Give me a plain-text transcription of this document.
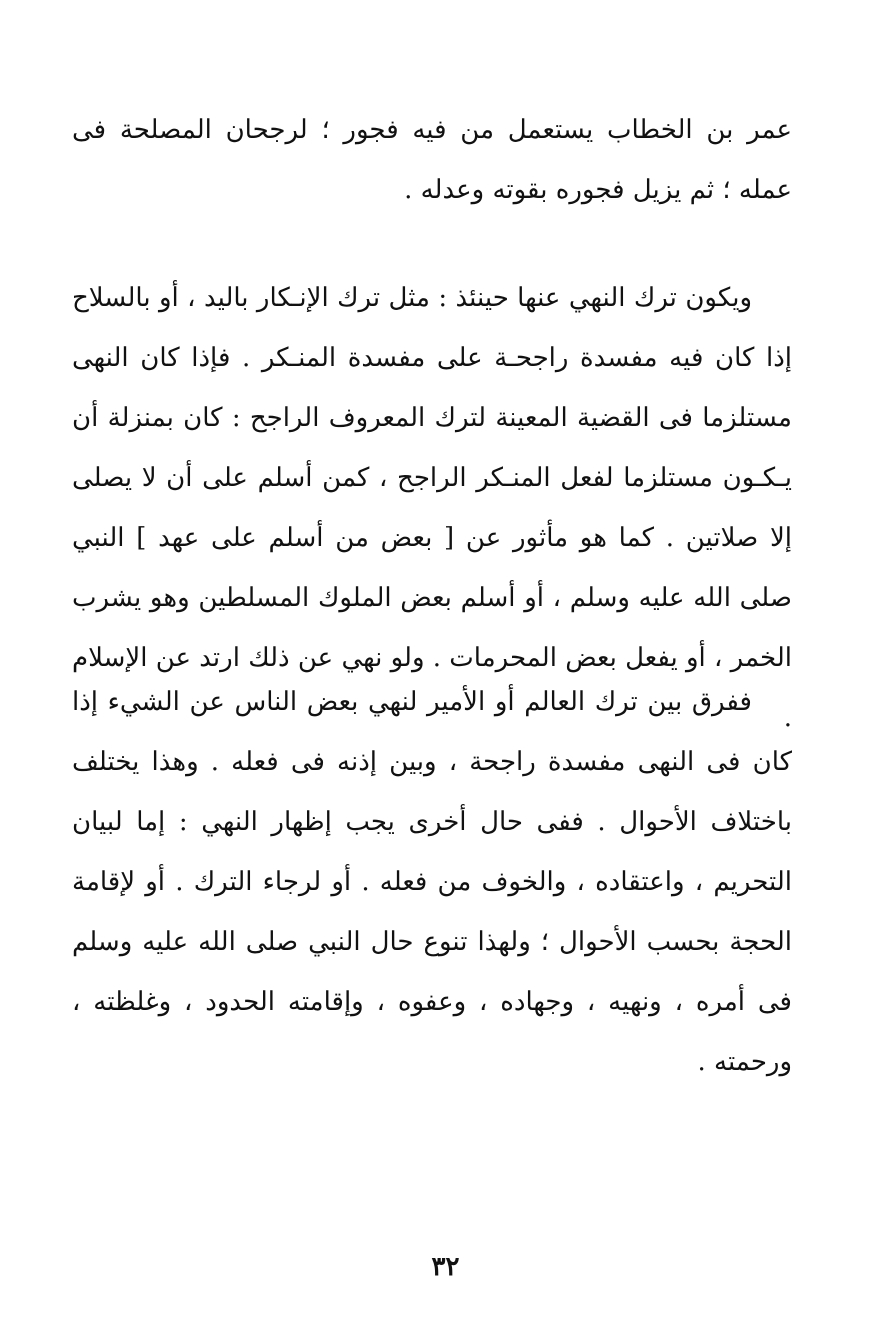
عمر بن الخطاب يستعمل من فيه فجور ؛ لرجحان المصلحة فى عمله ؛ ثم يزيل فجوره بقوته وعدله .
ويكون ترك النهي عنها حينئذ : مثل ترك الإنـكار باليد ، أو بالسلاح إذا كان فيه مفسدة راجحـة على مفسدة المنـكر . فإذا كان النهى مستلزما فى القضية المعينة لترك المعروف الراجح : كان بمنزلة أن يـكـون مستلزما لفعل المنـكر الراجح ، كمن أسلم على أن لا يصلى إلا صلاتين . كما هو مأثور عن [ بعض من أسلم على عهد ] النبي صلى الله عليه وسلم ، أو أسلم بعض الملوك المسلطين وهو يشرب الخمر ، أو يفعل بعض المحرمات . ولو نهي عن ذلك ارتد عن الإسلام .
ففرق بين ترك العالم أو الأمير لنهي بعض الناس عن الشيء إذا كان فى النهى مفسدة راجحة ، وبين إذنه فى فعله . وهذا يختلف باختلاف الأحوال . ففى حال أخرى يجب إظهار النهي : إما لبيان التحريم ، واعتقاده ، والخوف من فعله . أو لرجاء الترك . أو لإقامة الحجة بحسب الأحوال ؛ ولهذا تنوع حال النبي صلى الله عليه وسلم فى أمره ، ونهيه ، وجهاده ، وعفوه ، وإقامته الحدود ، وغلظته ، ورحمته .
٣٢
